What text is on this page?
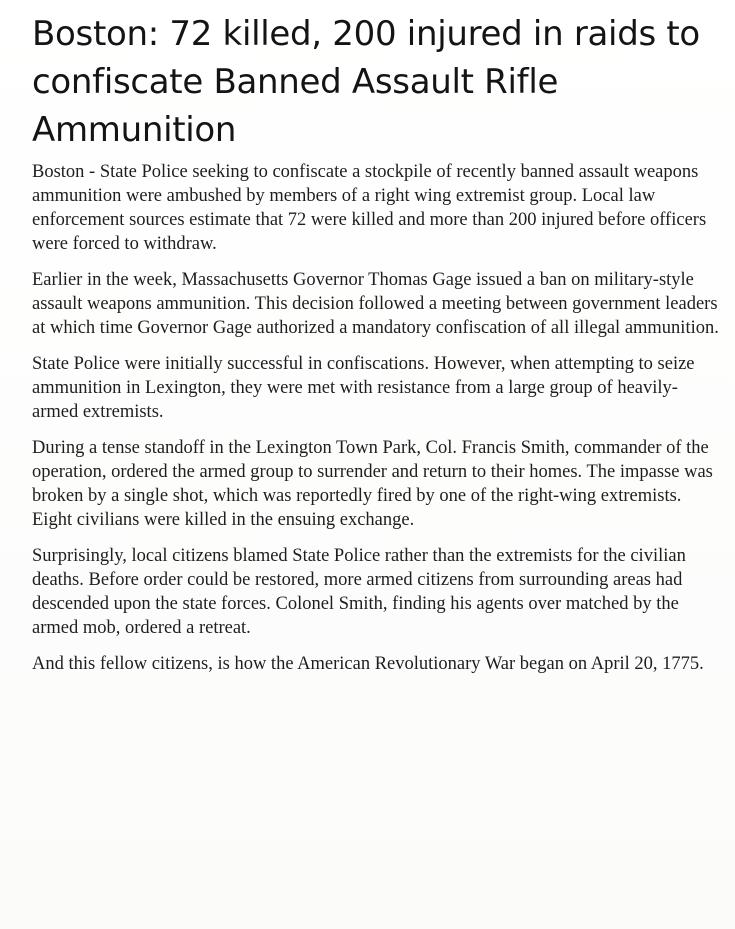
Boston: 72 killed, 200 injured in raids to confiscate Banned Assault Rifle Ammunition

Boston - State Police seeking to confiscate a stockpile of recently banned assault weapons ammunition were ambushed by members of a right wing extremist group. Local law enforcement sources estimate that 72 were killed and more than 200 injured before officers were forced to withdraw.

Earlier in the week, Massachusetts Governor Thomas Gage issued a ban on military-style assault weapons ammunition. This decision followed a meeting between government leaders at which time Governor Gage authorized a mandatory confiscation of all illegal ammunition.

State Police were initially successful in confiscations. However, when attempting to seize ammunition in Lexington, they were met with resistance from a large group of heavily-armed extremists.

During a tense standoff in the Lexington Town Park, Col. Francis Smith, commander of the operation, ordered the armed group to surrender and return to their homes. The impasse was broken by a single shot, which was reportedly fired by one of the right-wing extremists. Eight civilians were killed in the ensuing exchange.

Surprisingly, local citizens blamed State Police rather than the extremists for the civilian deaths. Before order could be restored, more armed citizens from surrounding areas had descended upon the state forces. Colonel Smith, finding his agents over matched by the armed mob, ordered a retreat.

And this fellow citizens, is how the American Revolutionary War began on April 20, 1775.
